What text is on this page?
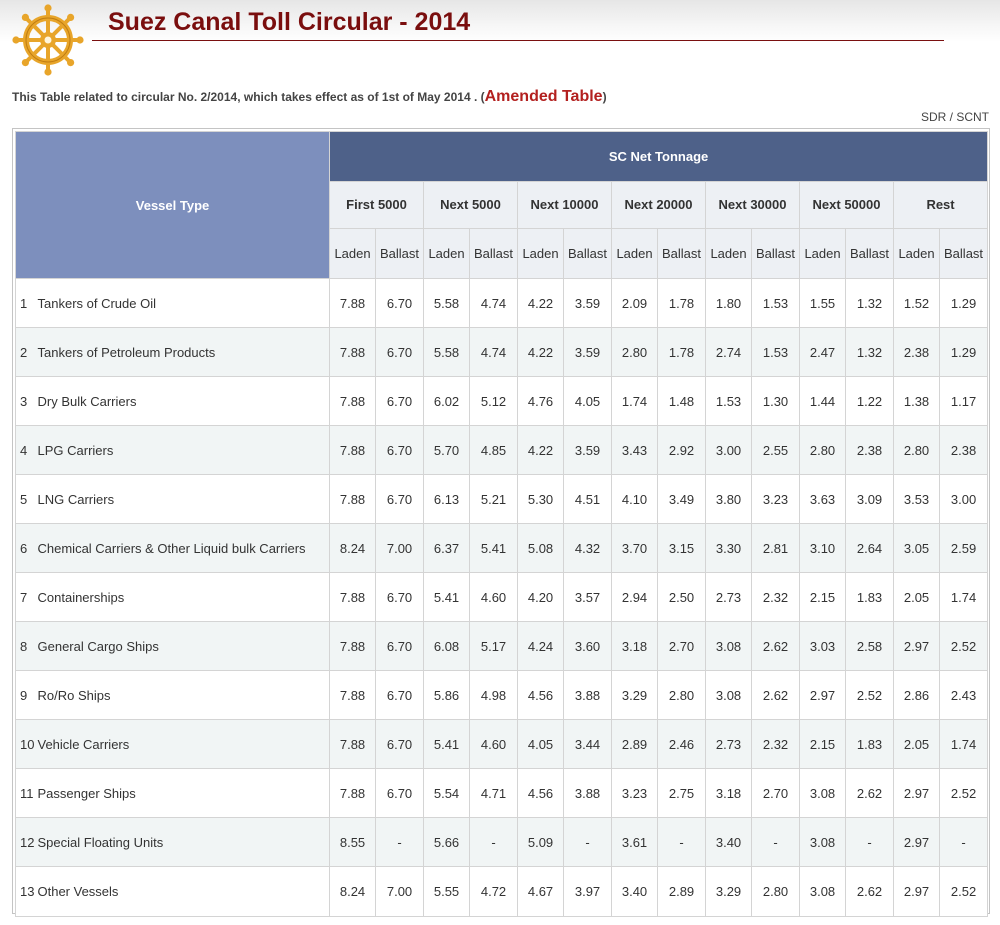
Suez Canal Toll Circular - 2014
This Table related to circular No. 2/2014, which takes effect as of 1st of May 2014 . (Amended Table)
SDR / SCNT
Vessel Type		SC Net Tonnage													
		First 5000		Next 5000		Next 10000		Next 20000		Next 30000		Next 50000		Rest	
		Laden	Ballast	Laden	Ballast	Laden	Ballast	Laden	Ballast	Laden	Ballast	Laden	Ballast	Laden	Ballast
1	Tankers of Crude Oil	7.88	6.70	5.58	4.74	4.22	3.59	2.09	1.78	1.80	1.53	1.55	1.32	1.52	1.29
2	Tankers of Petroleum Products	7.88	6.70	5.58	4.74	4.22	3.59	2.80	1.78	2.74	1.53	2.47	1.32	2.38	1.29
3	Dry Bulk Carriers	7.88	6.70	6.02	5.12	4.76	4.05	1.74	1.48	1.53	1.30	1.44	1.22	1.38	1.17
4	LPG Carriers	7.88	6.70	5.70	4.85	4.22	3.59	3.43	2.92	3.00	2.55	2.80	2.38	2.80	2.38
5	LNG Carriers	7.88	6.70	6.13	5.21	5.30	4.51	4.10	3.49	3.80	3.23	3.63	3.09	3.53	3.00
6	Chemical Carriers & Other Liquid bulk Carriers	8.24	7.00	6.37	5.41	5.08	4.32	3.70	3.15	3.30	2.81	3.10	2.64	3.05	2.59
7	Containerships	7.88	6.70	5.41	4.60	4.20	3.57	2.94	2.50	2.73	2.32	2.15	1.83	2.05	1.74
8	General Cargo Ships	7.88	6.70	6.08	5.17	4.24	3.60	3.18	2.70	3.08	2.62	3.03	2.58	2.97	2.52
9	Ro/Ro Ships	7.88	6.70	5.86	4.98	4.56	3.88	3.29	2.80	3.08	2.62	2.97	2.52	2.86	2.43
10	Vehicle Carriers	7.88	6.70	5.41	4.60	4.05	3.44	2.89	2.46	2.73	2.32	2.15	1.83	2.05	1.74
11	Passenger Ships	7.88	6.70	5.54	4.71	4.56	3.88	3.23	2.75	3.18	2.70	3.08	2.62	2.97	2.52
12	Special Floating Units	8.55	-	5.66	-	5.09	-	3.61	-	3.40	-	3.08	-	2.97	-
13	Other Vessels	8.24	7.00	5.55	4.72	4.67	3.97	3.40	2.89	3.29	2.80	3.08	2.62	2.97	2.52
